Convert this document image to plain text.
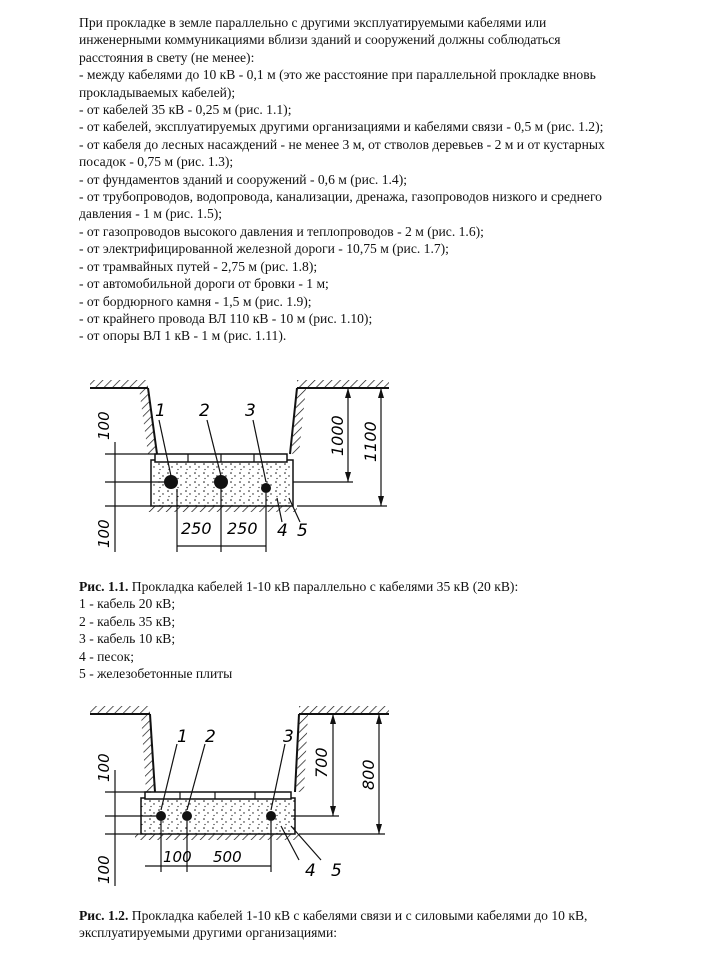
При прокладке в земле параллельно с другими эксплуатируемыми кабелями или

инженерными коммуникациями вблизи зданий и сооружений должны соблюдаться

расстояния в свету (не менее):

- между кабелями до 10 кВ - 0,1 м (это же расстояние при параллельной прокладке вновь

прокладываемых кабелей);

- от кабелей 35 кВ - 0,25 м (рис. 1.1);

- от кабелей, эксплуатируемых другими организациями и кабелями связи - 0,5 м (рис. 1.2);

- от кабеля до лесных насаждений - не менее 3 м, от стволов деревьев - 2 м и от кустарных

посадок - 0,75 м (рис. 1.3);

- от фундаментов зданий и сооружений - 0,6 м (рис. 1.4);

- от трубопроводов, водопровода, канализации, дренажа, газопроводов низкого и среднего

давления - 1 м (рис. 1.5);

- от газопроводов высокого давления и теплопроводов - 2 м (рис. 1.6);

- от электрифицированной железной дороги - 10,75 м (рис. 1.7);

- от трамвайных путей - 2,75 м (рис. 1.8);

- от автомобильной дороги от бровки - 1 м;

- от бордюрного камня - 1,5 м (рис. 1.9);

- от крайнего провода ВЛ 110 кВ - 10 м (рис. 1.10);

- от опоры ВЛ 1 кВ - 1 м (рис. 1.11).

1 2 3
4 5
100
100	250 250
1000 1100

Рис. 1.1. Прокладка кабелей 1-10 кВ параллельно с кабелями 35 кВ (20 кВ):

1 - кабель 20 кВ;

2 - кабель 35 кВ;

3 - кабель 10 кВ;

4 - песок;

5 - железобетонные плиты

1 2	3
4 5
100
100	100 500
700 800

Рис. 1.2. Прокладка кабелей 1-10 кВ с кабелями связи и с силовыми кабелями до 10 кВ,

эксплуатируемыми другими организациями:
